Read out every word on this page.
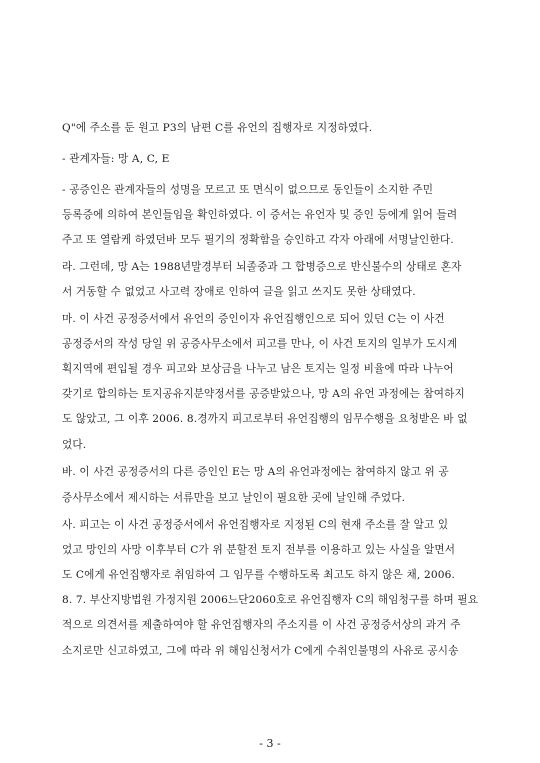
Q"에 주소를 둔 원고 P3의 남편 C를 유언의 집행자로 지정하였다.
- 관계자들: 망 A, C, E
- 공증인은 관계자들의 성명을 모르고 또 면식이 없으므로 동인들이 소지한 주민
등록증에 의하여 본인들임을 확인하였다. 이 증서는 유언자 및 증인 등에게 읽어 들려
주고 또 열람케 하였던바 모두 필기의 정확함을 승인하고 각자 아래에 서명날인한다.
라. 그런데, 망 A는 1988년말경부터 뇌졸중과 그 합병증으로 반신불수의 상태로 혼자
서 거동할 수 없었고 사고력 장애로 인하여 글을 읽고 쓰지도 못한 상태였다.
마. 이 사건 공정증서에서 유언의 증인이자 유언집행인으로 되어 있던 C는 이 사건
공정증서의 작성 당일 위 공증사무소에서 피고를 만나, 이 사건 토지의 일부가 도시계
획지역에 편입될 경우 피고와 보상금을 나누고 남은 토지는 일정 비율에 따라 나누어
갖기로 합의하는 토지공유지분약정서를 공증받았으나, 망 A의 유언 과정에는 참여하지
도 않았고, 그 이후 2006. 8.경까지 피고로부터 유언집행의 임무수행을 요청받은 바 없
었다.
바. 이 사건 공정증서의 다른 증인인 E는 망 A의 유언과정에는 참여하지 않고 위 공
증사무소에서 제시하는 서류만을 보고 날인이 필요한 곳에 날인해 주었다.
사. 피고는 이 사건 공정증서에서 유언집행자로 지정된 C의 현재 주소를 잘 알고 있
었고 망인의 사망 이후부터 C가 위 분할전 토지 전부를 이용하고 있는 사실을 알면서
도 C에게 유언집행자로 취임하여 그 임무를 수행하도록 최고도 하지 않은 채, 2006.
8. 7. 부산지방법원 가정지원 2006느단2060호로 유언집행자 C의 해임청구를 하며 필요
적으로 의견서를 제출하여야 할 유언집행자의 주소지를 이 사건 공정증서상의 과거 주
소지로만 신고하였고, 그에 따라 위 해임신청서가 C에게 수취인불명의 사유로 공시송
- 3 -
